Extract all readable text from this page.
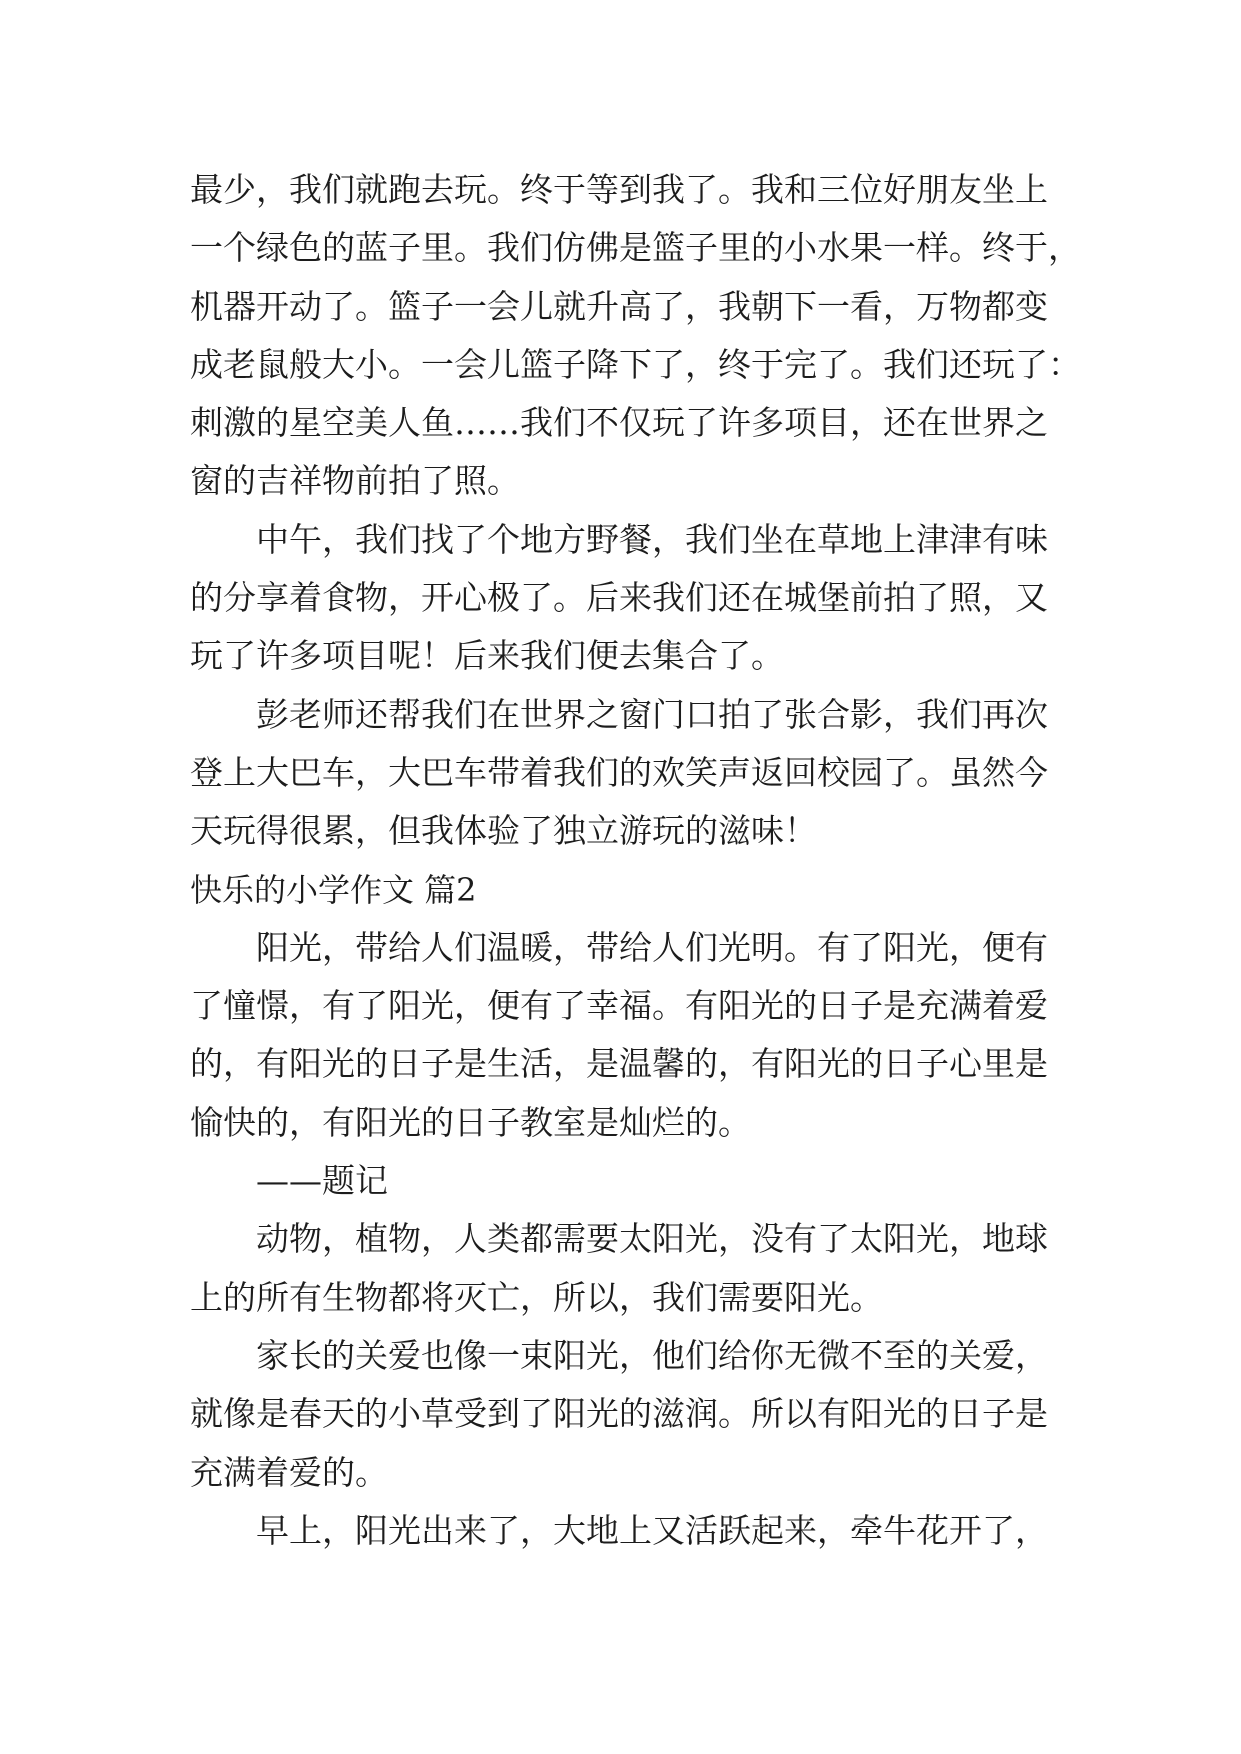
最少，我们就跑去玩。终于等到我了。我和三位好朋友坐上
一个绿色的蓝子里。我们仿佛是篮子里的小水果一样。终于，
机器开动了。篮子一会儿就升高了，我朝下一看，万物都变
成老鼠般大小。一会儿篮子降下了，终于完了。我们还玩了：
刺激的星空美人鱼……我们不仅玩了许多项目，还在世界之
窗的吉祥物前拍了照。
中午，我们找了个地方野餐，我们坐在草地上津津有味
的分享着食物，开心极了。后来我们还在城堡前拍了照，又
玩了许多项目呢！后来我们便去集合了。
彭老师还帮我们在世界之窗门口拍了张合影，我们再次
登上大巴车，大巴车带着我们的欢笑声返回校园了。虽然今
天玩得很累，但我体验了独立游玩的滋味！
快乐的小学作文 篇2
阳光，带给人们温暖，带给人们光明。有了阳光，便有
了憧憬，有了阳光，便有了幸福。有阳光的日子是充满着爱
的，有阳光的日子是生活，是温馨的，有阳光的日子心里是
愉快的，有阳光的日子教室是灿烂的。
——题记
动物，植物，人类都需要太阳光，没有了太阳光，地球
上的所有生物都将灭亡，所以，我们需要阳光。
家长的关爱也像一束阳光，他们给你无微不至的关爱，
就像是春天的小草受到了阳光的滋润。所以有阳光的日子是
充满着爱的。
早上，阳光出来了，大地上又活跃起来，牵牛花开了，
